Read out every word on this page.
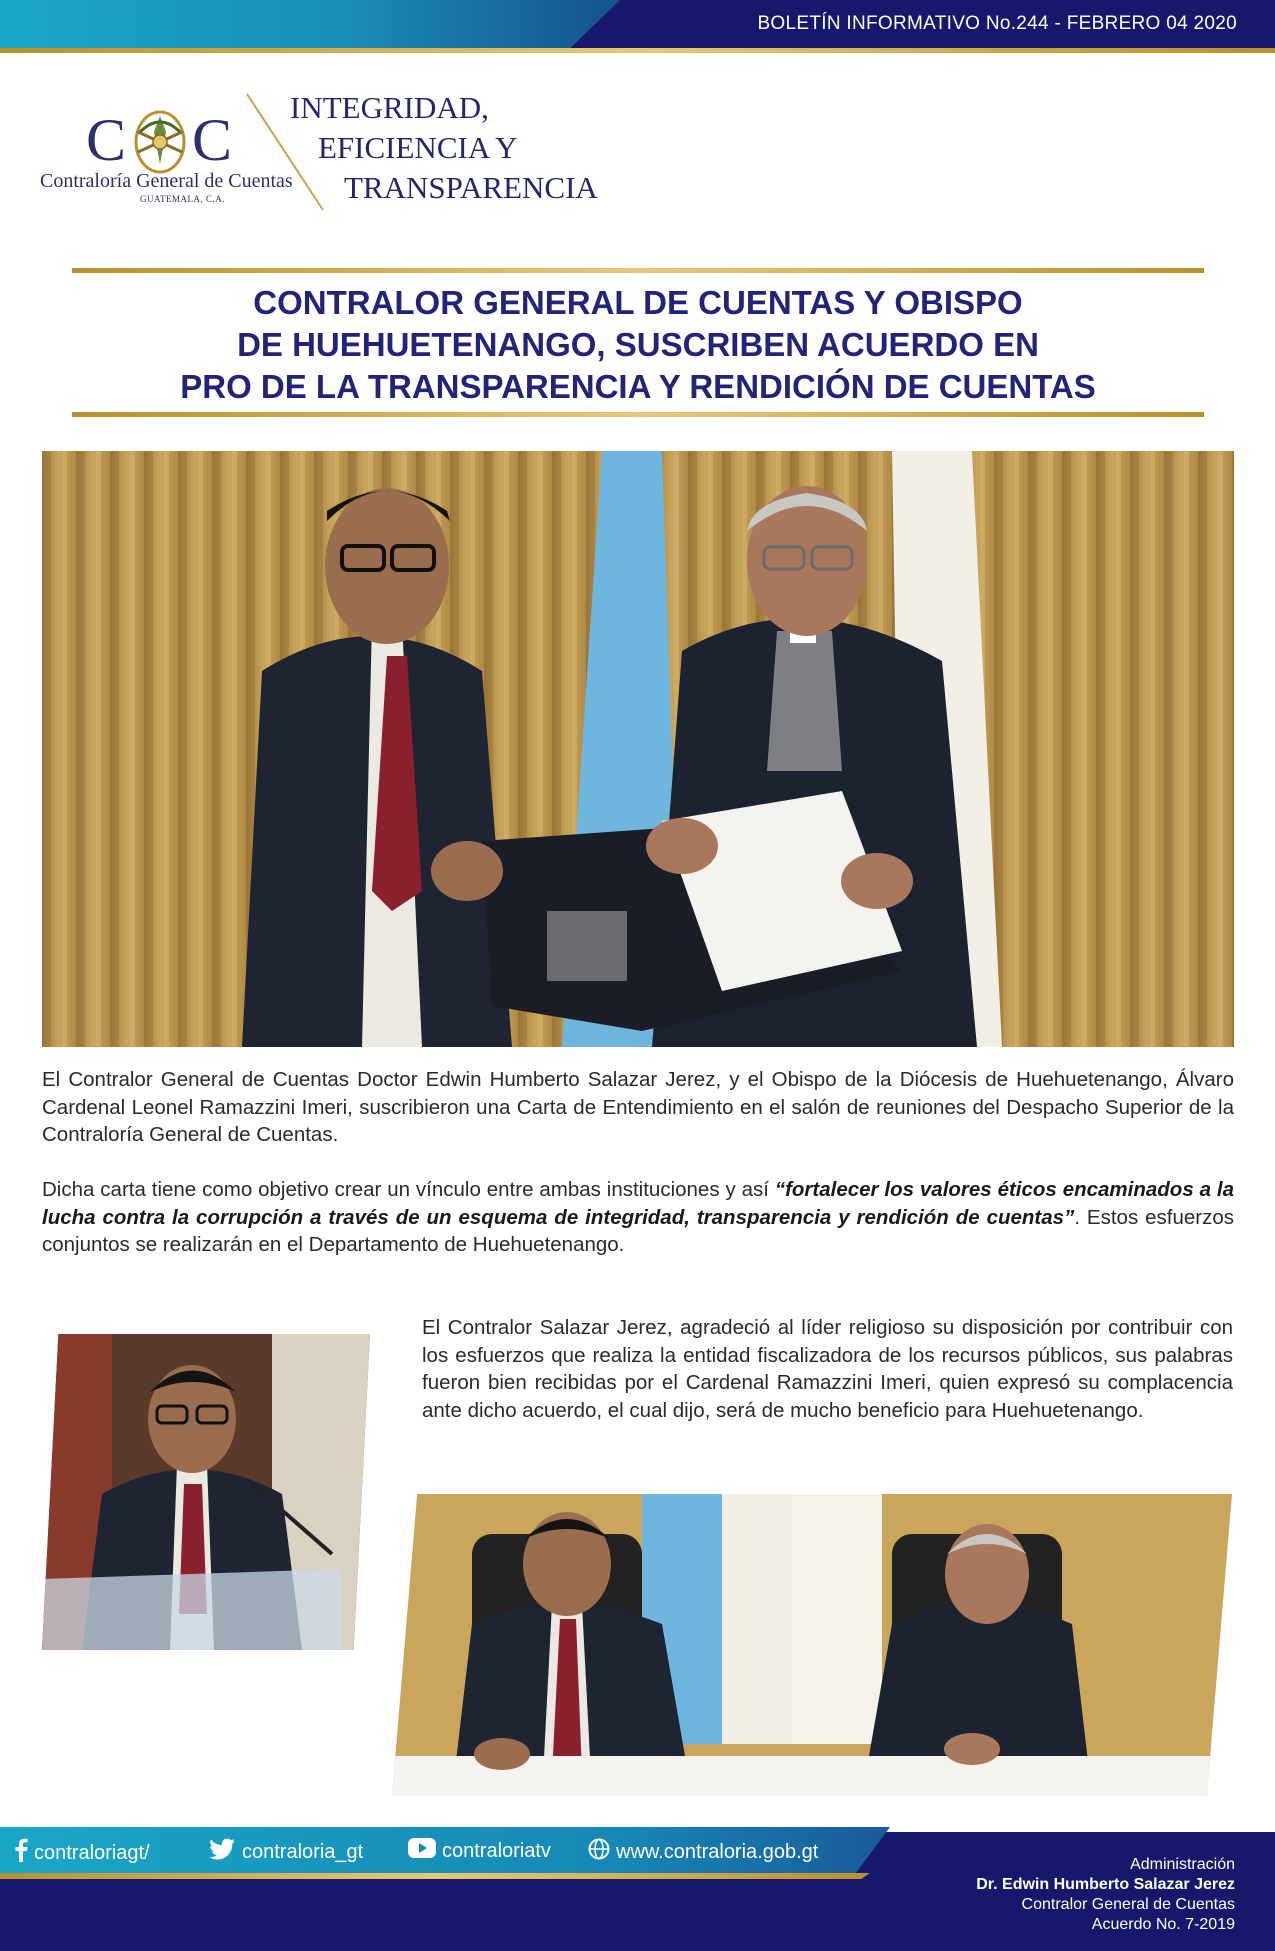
BOLETÍN INFORMATIVO No.244 - FEBRERO 04 2020
C C
Contraloría General de Cuentas
GUATEMALA, C.A.
INTEGRIDAD,
EFICIENCIA Y
TRANSPARENCIA
CONTRALOR GENERAL DE CUENTAS Y OBISPO
DE HUEHUETENANGO, SUSCRIBEN ACUERDO EN
PRO DE LA TRANSPARENCIA Y RENDICIÓN DE CUENTAS
El Contralor General de Cuentas Doctor Edwin Humberto Salazar Jerez, y el Obispo de la Diócesis de Huehuetenango, Álvaro Cardenal Leonel Ramazzini Imeri, suscribieron una Carta de Entendimiento en el salón de reuniones del Despacho Superior de la Contraloría General de Cuentas.
Dicha carta tiene como objetivo crear un vínculo entre ambas instituciones y así “fortalecer los valores éticos encaminados a la lucha contra la corrupción a través de un esquema de integridad, transparencia y rendición de cuentas”. Estos esfuerzos conjuntos se realizarán en el Departamento de Huehuetenango.
El Contralor Salazar Jerez, agradeció al líder religioso su disposición por contribuir con los esfuerzos que realiza la entidad fiscalizadora de los recursos públicos, sus palabras fueron bien recibidas por el Cardenal Ramazzini Imeri, quien expresó su complacencia ante dicho acuerdo, el cual dijo, será de mucho beneficio para Huehuetenango.
contraloriagt/	contraloria_gt	contraloriatv	www.contraloria.gob.gt
Administración
Dr. Edwin Humberto Salazar Jerez
Contralor General de Cuentas
Acuerdo No. 7-2019
